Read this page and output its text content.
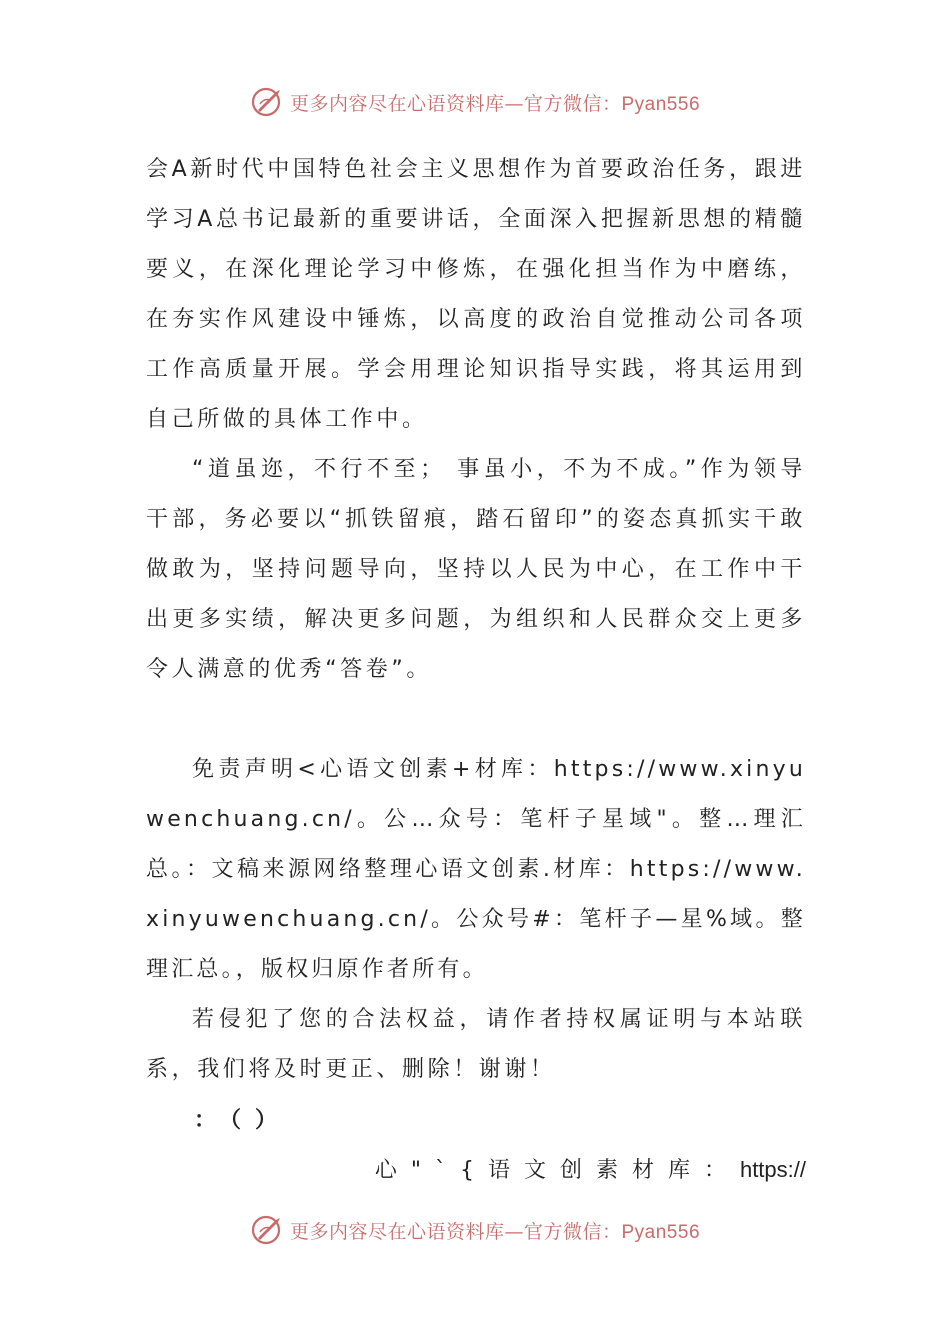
更多内容尽在心语资料库—官方微信：Pyan556

会A新时代中国特色社会主义思想作为首要政治任务，跟进学习A总书记最新的重要讲话，全面深入把握新思想的精髓要义，在深化理论学习中修炼，在强化担当作为中磨练，在夯实作风建设中锤炼，以高度的政治自觉推动公司各项工作高质量开展。学会用理论知识指导实践，将其运用到自己所做的具体工作中。

“道虽迩，不行不至； 事虽小，不为不成。”作为领导干部，务必要以“抓铁留痕，踏石留印”的姿态真抓实干敢做敢为，坚持问题导向，坚持以人民为中心，在工作中干出更多实绩，解决更多问题，为组织和人民群众交上更多令人满意的优秀“答卷”。

免责声明<心语文创素+材库：https://www.xinyuwenchuang.cn/。公…众号：笔杆子星域"。整…理汇总。：文稿来源网络整理心语文创素.材库：https://www.xinyuwenchuang.cn/。公众号#：笔杆子—星%域。整理汇总。，版权归原作者所有。

若侵犯了您的合法权益，请作者持权属证明与本站联系，我们将及时更正、删除！谢谢！

：（）
心"`{语文创素材库：https://
更多内容尽在心语资料库—官方微信：Pyan556
